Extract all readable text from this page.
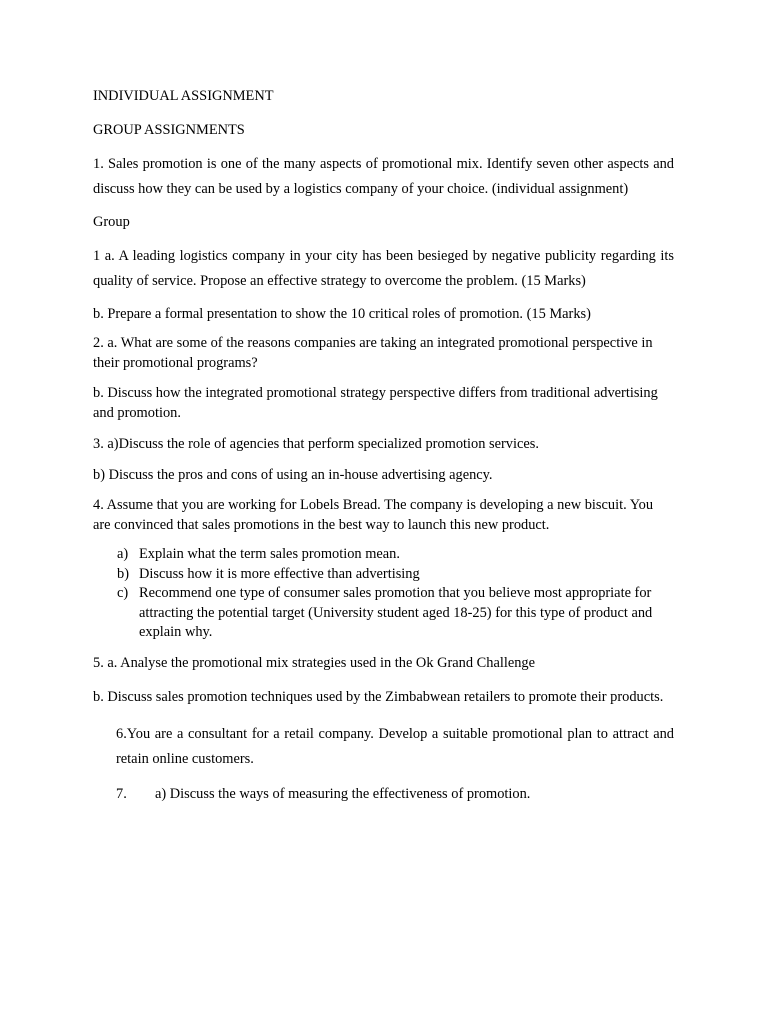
INDIVIDUAL ASSIGNMENT

GROUP ASSIGNMENTS

1. Sales promotion is one of the many aspects of promotional mix. Identify seven other aspects and discuss how they can be used by a logistics company of your choice. (individual assignment)

Group

1 a. A leading logistics company in your city has been besieged by negative publicity regarding its quality of service. Propose an effective strategy to overcome the problem. (15 Marks)

b. Prepare a formal presentation to show the 10 critical roles of promotion. (15 Marks)

2. a. What are some of the reasons companies are taking an integrated promotional perspective in their promotional programs?

b. Discuss how the integrated promotional strategy perspective differs from traditional advertising and promotion.

3. a)Discuss the role of agencies that perform specialized promotion services.

b) Discuss the pros and cons of using an in-house advertising agency.

4. Assume that you are working for Lobels Bread. The company is developing a new biscuit. You are convinced that sales promotions in the best way to launch this new product.

a) Explain what the term sales promotion mean.
b) Discuss how it is more effective than advertising
c) Recommend one type of consumer sales promotion that you believe most appropriate for attracting the potential target (University student aged 18-25) for this type of product and explain why.

5. a. Analyse the promotional mix strategies used in the Ok Grand Challenge

b. Discuss sales promotion techniques used by the Zimbabwean retailers to promote their products.

6.You are a consultant for a retail company. Develop a suitable promotional plan to attract and retain online customers.

7.	a) Discuss the ways of measuring the effectiveness of promotion.
